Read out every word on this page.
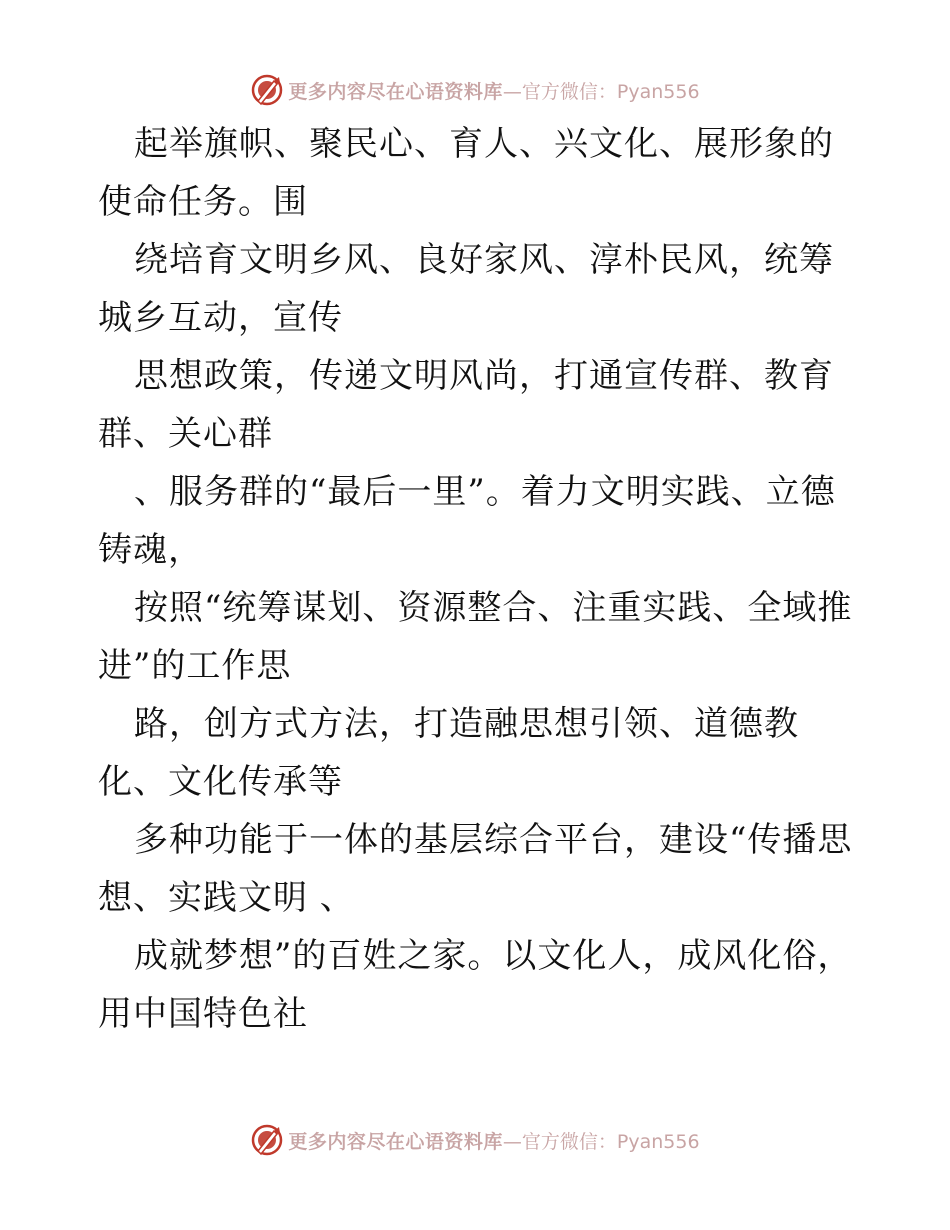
更多内容尽在心语资料库 —官方微信：Pyan556

起举旗帜、聚民心、育人、兴文化、展形象的使命任务。围

绕培育文明乡风、良好家风、淳朴民风，统筹城乡互动，宣传

思想政策，传递文明风尚，打通宣传群、教育群、关心群

、服务群的“最后一里”。着力文明实践、立德铸魂，

按照“统筹谋划、资源整合、注重实践、全域推进”的工作思

路，创方式方法，打造融思想引领、道德教化、文化传承等

多种功能于一体的基层综合平台，建设“传播思想、实践文明 、

成就梦想”的百姓之家。以文化人，成风化俗，用中国特色社

更多内容尽在心语资料库 —官方微信：Pyan556
